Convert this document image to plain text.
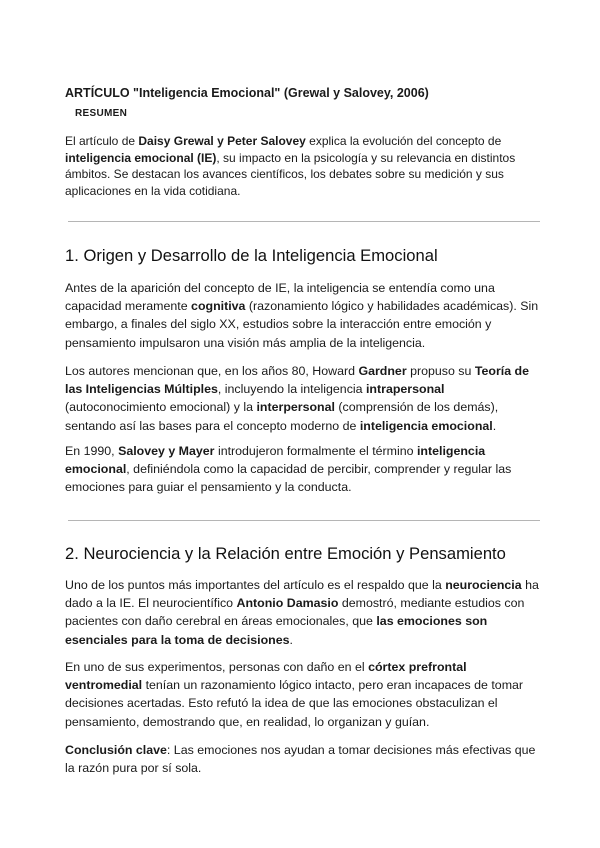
ARTÍCULO "Inteligencia Emocional" (Grewal y Salovey, 2006)
RESUMEN

El artículo de Daisy Grewal y Peter Salovey explica la evolución del concepto de inteligencia emocional (IE), su impacto en la psicología y su relevancia en distintos ámbitos. Se destacan los avances científicos, los debates sobre su medición y sus aplicaciones en la vida cotidiana.

1. Origen y Desarrollo de la Inteligencia Emocional

Antes de la aparición del concepto de IE, la inteligencia se entendía como una capacidad meramente cognitiva (razonamiento lógico y habilidades académicas). Sin embargo, a finales del siglo XX, estudios sobre la interacción entre emoción y pensamiento impulsaron una visión más amplia de la inteligencia.

Los autores mencionan que, en los años 80, Howard Gardner propuso su Teoría de las Inteligencias Múltiples, incluyendo la inteligencia intrapersonal (autoconocimiento emocional) y la interpersonal (comprensión de los demás), sentando así las bases para el concepto moderno de inteligencia emocional.

En 1990, Salovey y Mayer introdujeron formalmente el término inteligencia emocional, definiéndola como la capacidad de percibir, comprender y regular las emociones para guiar el pensamiento y la conducta.

2. Neurociencia y la Relación entre Emoción y Pensamiento

Uno de los puntos más importantes del artículo es el respaldo que la neurociencia ha dado a la IE. El neurocientífico Antonio Damasio demostró, mediante estudios con pacientes con daño cerebral en áreas emocionales, que las emociones son esenciales para la toma de decisiones.

En uno de sus experimentos, personas con daño en el córtex prefrontal ventromedial tenían un razonamiento lógico intacto, pero eran incapaces de tomar decisiones acertadas. Esto refutó la idea de que las emociones obstaculizan el pensamiento, demostrando que, en realidad, lo organizan y guían.

Conclusión clave: Las emociones nos ayudan a tomar decisiones más efectivas que la razón pura por sí sola.
